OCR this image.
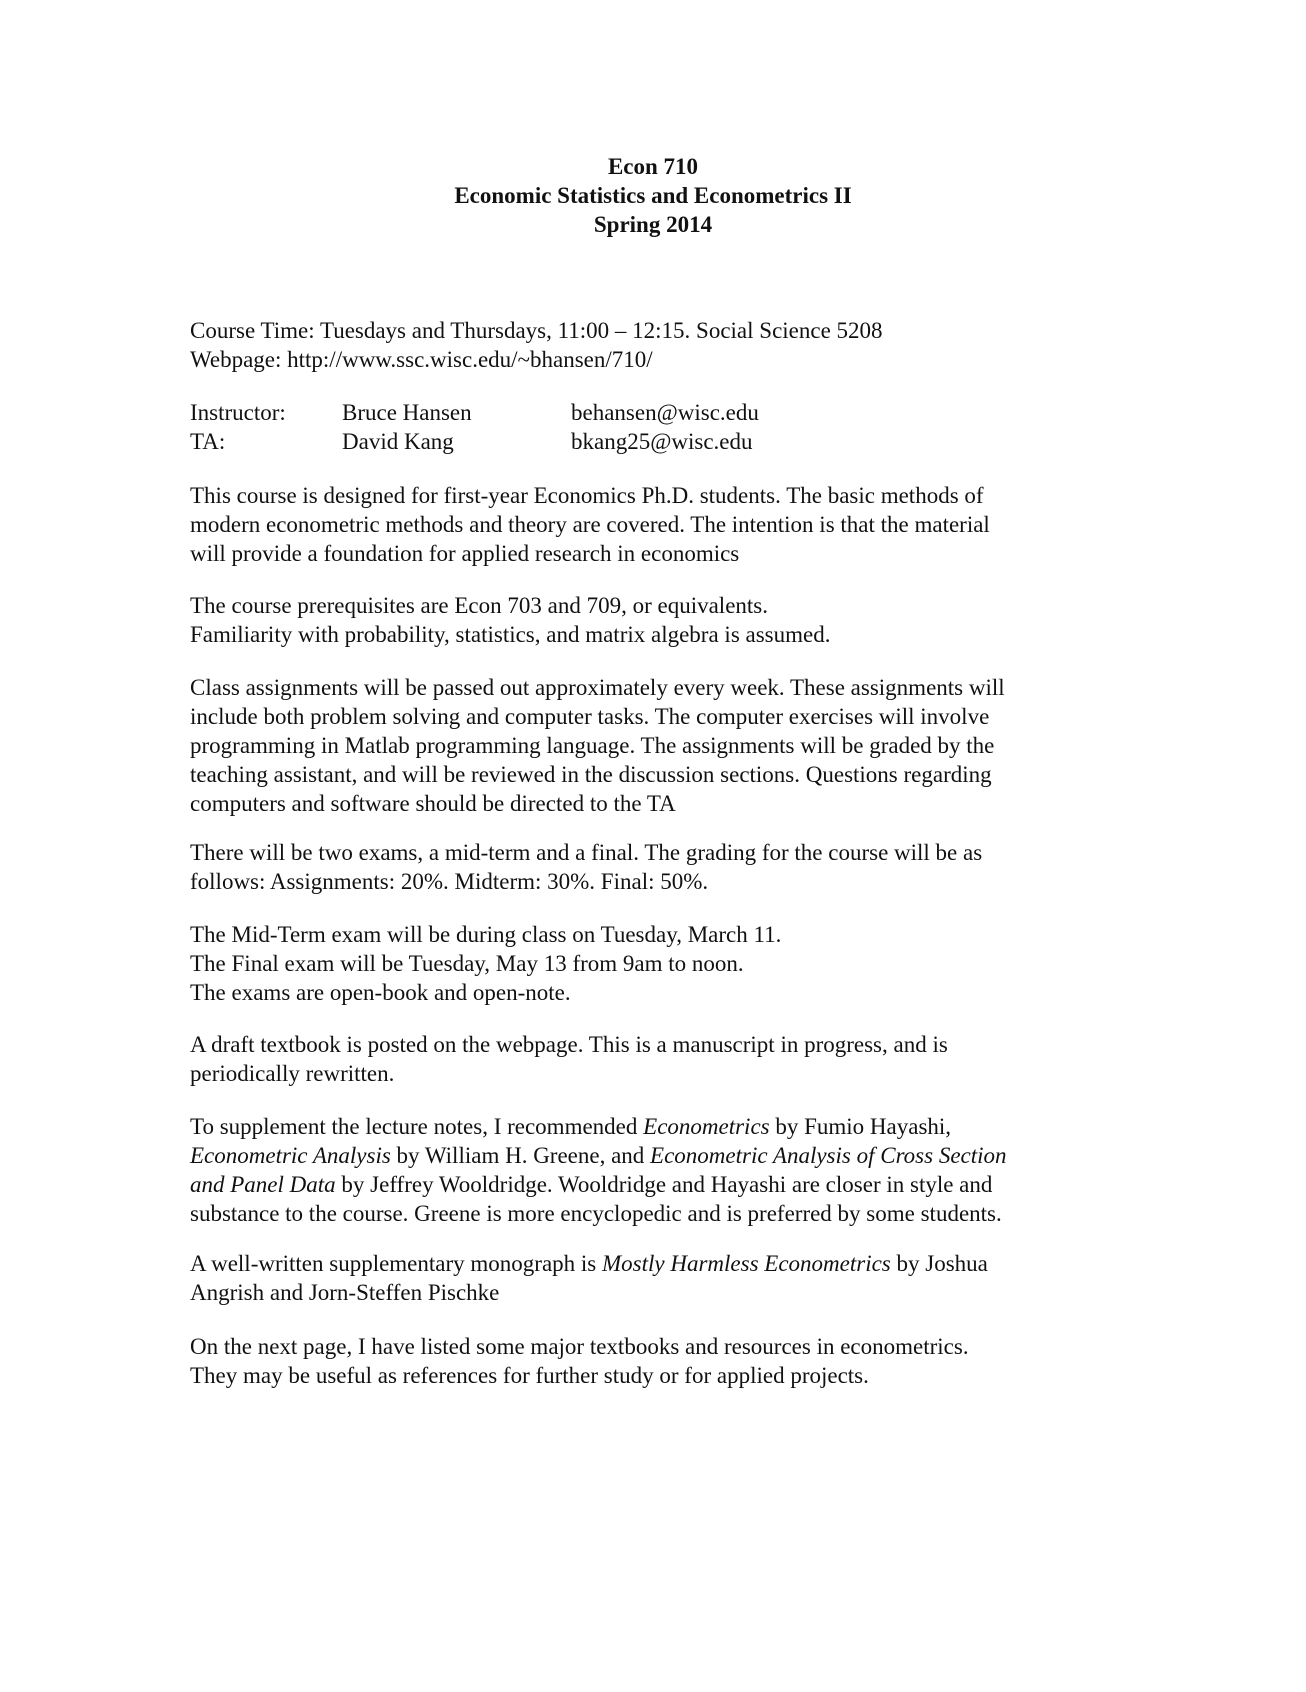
Econ 710
Economic Statistics and Econometrics II
Spring 2014
Course Time: Tuesdays and Thursdays, 11:00 – 12:15. Social Science 5208
Webpage: http://www.ssc.wisc.edu/~bhansen/710/
Instructor: Bruce Hansen	behansen@wisc.edu
TA:	David Kang	bkang25@wisc.edu
This course is designed for first-year Economics Ph.D. students. The basic methods of
modern econometric methods and theory are covered. The intention is that the material
will provide a foundation for applied research in economics
The course prerequisites are Econ 703 and 709, or equivalents.
Familiarity with probability, statistics, and matrix algebra is assumed.
Class assignments will be passed out approximately every week. These assignments will
include both problem solving and computer tasks. The computer exercises will involve
programming in Matlab programming language. The assignments will be graded by the
teaching assistant, and will be reviewed in the discussion sections. Questions regarding
computers and software should be directed to the TA
There will be two exams, a mid-term and a final. The grading for the course will be as
follows: Assignments: 20%. Midterm: 30%. Final: 50%.
The Mid-Term exam will be during class on Tuesday, March 11.
The Final exam will be Tuesday, May 13 from 9am to noon.
The exams are open-book and open-note.
A draft textbook is posted on the webpage. This is a manuscript in progress, and is
periodically rewritten.
To supplement the lecture notes, I recommended Econometrics by Fumio Hayashi,
Econometric Analysis by William H. Greene, and Econometric Analysis of Cross Section
and Panel Data by Jeffrey Wooldridge. Wooldridge and Hayashi are closer in style and
substance to the course. Greene is more encyclopedic and is preferred by some students.
A well-written supplementary monograph is Mostly Harmless Econometrics by Joshua
Angrish and Jorn-Steffen Pischke
On the next page, I have listed some major textbooks and resources in econometrics.
They may be useful as references for further study or for applied projects.
